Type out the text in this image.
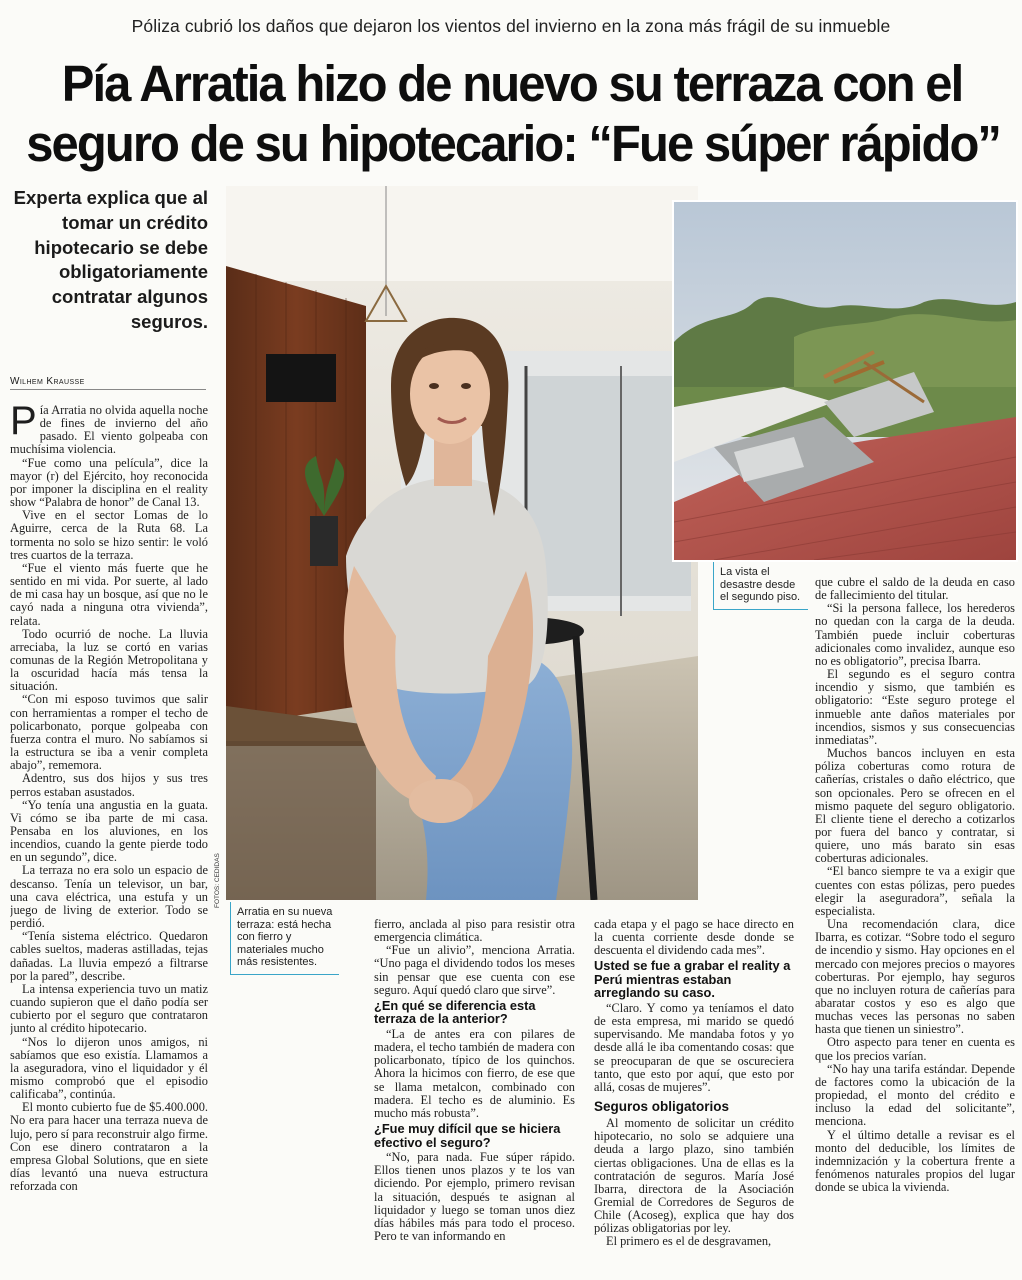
Póliza cubrió los daños que dejaron los vientos del invierno en la zona más frágil de su inmueble
Pía Arratia hizo de nuevo su terraza con el
seguro de su hipotecario: “Fue súper rápido”
Experta explica que al tomar un crédito hipotecario se debe obligatoriamente contratar algunos seguros.
Wilhem Krausse

Pía Arratia no olvida aquella noche de fines de invierno del año pasado. El viento golpeaba con muchísima violencia.

“Fue como una película”, dice la mayor (r) del Ejército, hoy reconocida por imponer la disciplina en el reality show “Palabra de honor” de Canal 13.

Vive en el sector Lomas de lo Aguirre, cerca de la Ruta 68. La tormenta no solo se hizo sentir: le voló tres cuartos de la terraza.

“Fue el viento más fuerte que he sentido en mi vida. Por suerte, al lado de mi casa hay un bosque, así que no le cayó nada a ninguna otra vivienda”, relata.

Todo ocurrió de noche. La lluvia arreciaba, la luz se cortó en varias comunas de la Región Metropolitana y la oscuridad hacía más tensa la situación.

“Con mi esposo tuvimos que salir con herramientas a romper el techo de policarbonato, porque golpeaba con fuerza contra el muro. No sabíamos si la estructura se iba a venir completa abajo”, rememora.

Adentro, sus dos hijos y sus tres perros estaban asustados.

“Yo tenía una angustia en la guata. Vi cómo se iba parte de mi casa. Pensaba en los aluviones, en los incendios, cuando la gente pierde todo en un segundo”, dice.

La terraza no era solo un espacio de descanso. Tenía un televisor, un bar, una cava eléctrica, una estufa y un juego de living de exterior. Todo se perdió.

“Tenía sistema eléctrico. Quedaron cables sueltos, maderas astilladas, tejas dañadas. La lluvia empezó a filtrarse por la pared”, describe.

La intensa experiencia tuvo un matiz cuando supieron que el daño podía ser cubierto por el seguro que contrataron junto al crédito hipotecario.

“Nos lo dijeron unos amigos, ni sabíamos que eso existía. Llamamos a la aseguradora, vino el liquidador y él mismo comprobó que el episodio calificaba”, continúa.

El monto cubierto fue de $5.400.000. No era para hacer una terraza nueva de lujo, pero sí para reconstruir algo firme. Con ese dinero contrataron a la empresa Global Solutions, que en siete días levantó una nueva estructura reforzada con

FOTOS: CEDIDAS
Arratia en su nueva terraza: está hecha con fierro y materiales mucho más resistentes.
La vista el desastre desde el segundo piso.

fierro, anclada al piso para resistir otra emergencia climática.

“Fue un alivio”, menciona Arratia. “Uno paga el dividendo todos los meses sin pensar que ese cuenta con ese seguro. Aquí quedó claro que sirve”.

¿En qué se diferencia esta terraza de la anterior?

“La de antes era con pilares de madera, el techo también de madera con policarbonato, típico de los quinchos. Ahora la hicimos con fierro, de ese que se llama metalcon, combinado con madera. El techo es de aluminio. Es mucho más robusta”.

¿Fue muy difícil que se hiciera efectivo el seguro?

“No, para nada. Fue súper rápido. Ellos tienen unos plazos y te los van diciendo. Por ejemplo, primero revisan la situación, después te asignan al liquidador y luego se toman unos diez días hábiles más para todo el proceso. Pero te van informando en

cada etapa y el pago se hace directo en la cuenta corriente desde donde se descuenta el dividendo cada mes”.

Usted se fue a grabar el reality a Perú mientras estaban arreglando su caso.

“Claro. Y como ya teníamos el dato de esta empresa, mi marido se quedó supervisando. Me mandaba fotos y yo desde allá le iba comentando cosas: que se preocuparan de que se oscureciera tanto, que esto por aquí, que esto por allá, cosas de mujeres”.

Seguros obligatorios

Al momento de solicitar un crédito hipotecario, no solo se adquiere una deuda a largo plazo, sino también ciertas obligaciones. Una de ellas es la contratación de seguros. María José Ibarra, directora de la Asociación Gremial de Corredores de Seguros de Chile (Acoseg), explica que hay dos pólizas obligatorias por ley.

El primero es el de desgravamen,

que cubre el saldo de la deuda en caso de fallecimiento del titular.

“Si la persona fallece, los herederos no quedan con la carga de la deuda. También puede incluir coberturas adicionales como invalidez, aunque eso no es obligatorio”, precisa Ibarra.

El segundo es el seguro contra incendio y sismo, que también es obligatorio: “Este seguro protege el inmueble ante daños materiales por incendios, sismos y sus consecuencias inmediatas”.

Muchos bancos incluyen en esta póliza coberturas como rotura de cañerías, cristales o daño eléctrico, que son opcionales. Pero se ofrecen en el mismo paquete del seguro obligatorio. El cliente tiene el derecho a cotizarlos por fuera del banco y contratar, si quiere, uno más barato sin esas coberturas adicionales.

“El banco siempre te va a exigir que cuentes con estas pólizas, pero puedes elegir la aseguradora”, señala la especialista.

Una recomendación clara, dice Ibarra, es cotizar. “Sobre todo el seguro de incendio y sismo. Hay opciones en el mercado con mejores precios o mayores coberturas. Por ejemplo, hay seguros que no incluyen rotura de cañerías para abaratar costos y eso es algo que muchas veces las personas no saben hasta que tienen un siniestro”.

Otro aspecto para tener en cuenta es que los precios varían.

“No hay una tarifa estándar. Depende de factores como la ubicación de la propiedad, el monto del crédito e incluso la edad del solicitante”, menciona.

Y el último detalle a revisar es el monto del deducible, los límites de indemnización y la cobertura frente a fenómenos naturales propios del lugar donde se ubica la vivienda.
